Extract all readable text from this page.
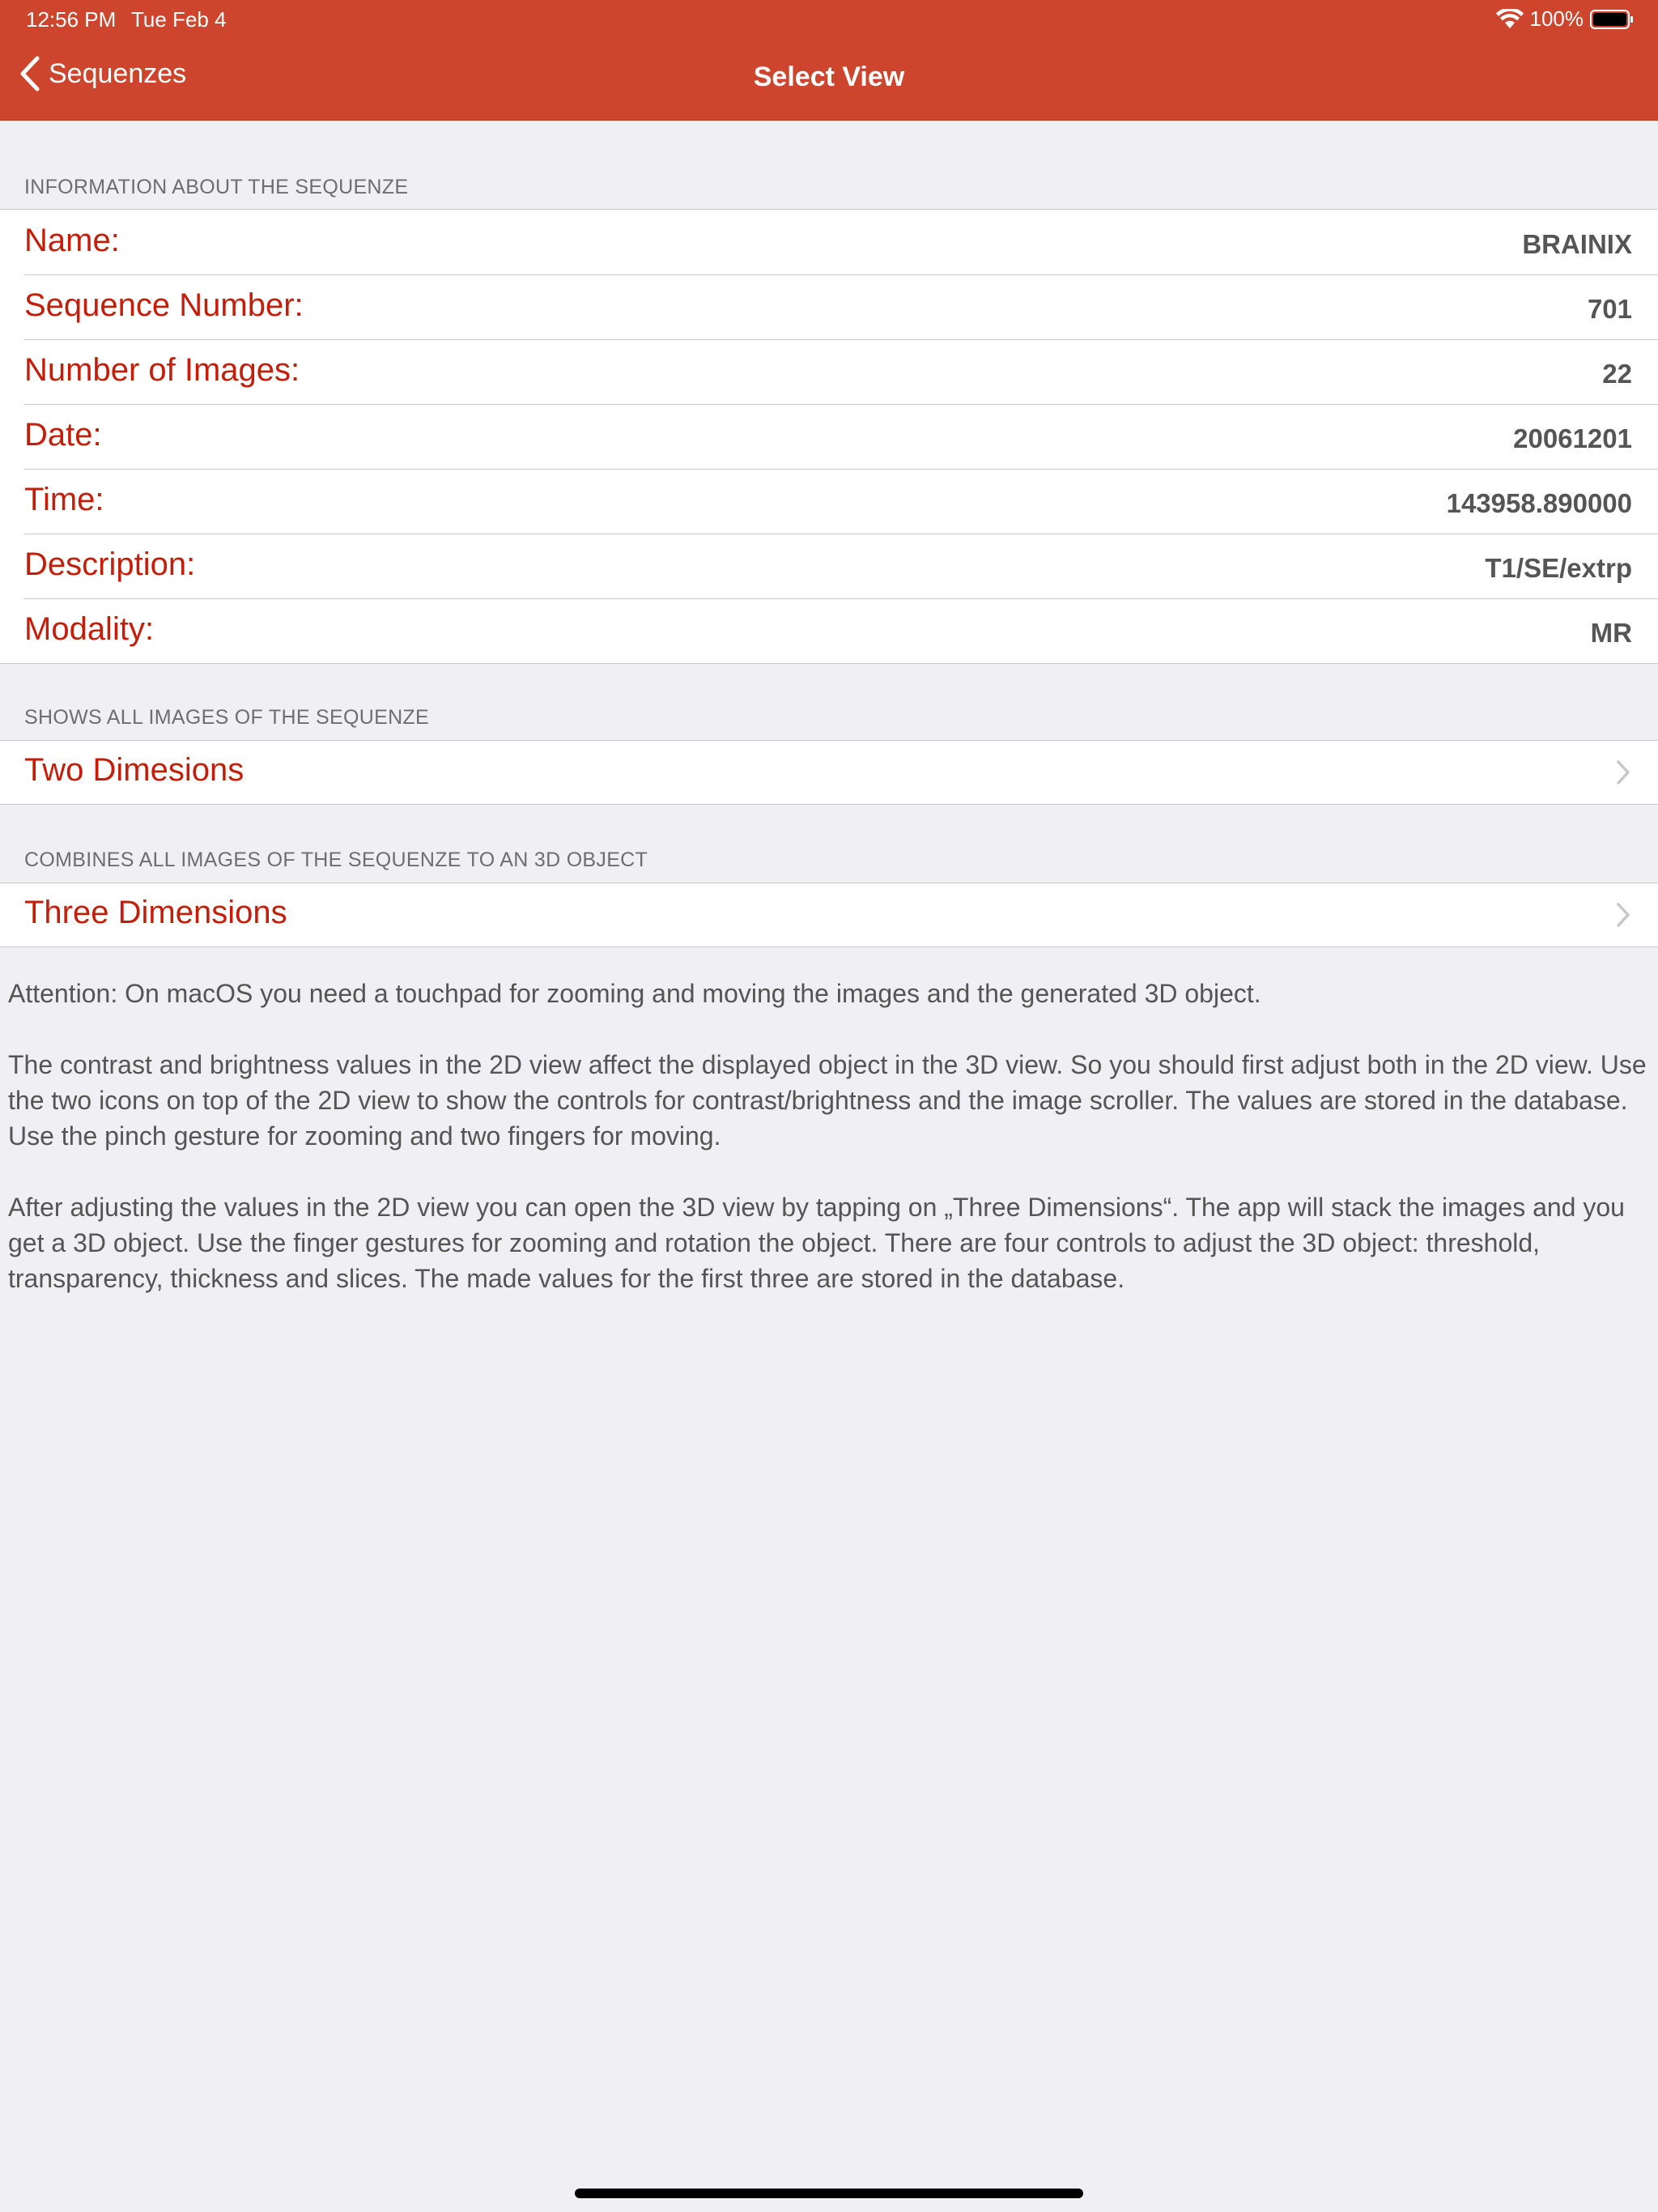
12:56 PM Tue Feb 4	100%
Sequenzes	Select View
INFORMATION ABOUT THE SEQUENZE
Name:	BRAINIX
Sequence Number:	701
Number of Images:	22
Date:	20061201
Time:	143958.890000
Description:	T1/SE/extrp
Modality:	MR
SHOWS ALL IMAGES OF THE SEQUENZE
Two Dimesions
COMBINES ALL IMAGES OF THE SEQUENZE TO AN 3D OBJECT
Three Dimensions

Attention: On macOS you need a touchpad for zooming and moving the images and the generated 3D object.

The contrast and brightness values in the 2D view affect the displayed object in the 3D view. So you should first adjust both in the 2D view. Use the two icons on top of the 2D view to show the controls for contrast/brightness and the image scroller. The values are stored in the database. Use the pinch gesture for zooming and two fingers for moving.

After adjusting the values in the 2D view you can open the 3D view by tapping on „Three Dimensions“. The app will stack the images and you get a 3D object. Use the finger gestures for zooming and rotation the object. There are four controls to adjust the 3D object: threshold, transparency, thickness and slices. The made values for the first three are stored in the database.
